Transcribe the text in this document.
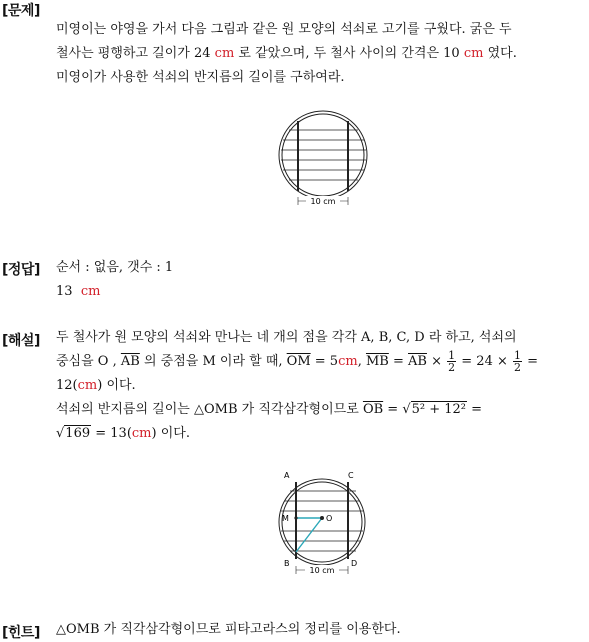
[문제]
미영이는 야영을 가서 다음 그림과 같은 원 모양의 석쇠로 고기를 구웠다. 굵은 두
철사는 평행하고 길이가 24 cm 로 같았으며, 두 철사 사이의 간격은 10 cm 였다.
미영이가 사용한 석쇠의 반지름의 길이를 구하여라.
10 cm
[정답] 순서 : 없음, 갯수 : 1
13 cm
[해설] 두 철사가 원 모양의 석쇠와 만나는 네 개의 점을 각각 A, B, C, D 라 하고, 석쇠의
중심을 O , $\overline{AB}$ 의 중점을 M 이라 할 때, $\overline{OM} = 5cm$, $\overline{MB} = \overline{AB} \times \frac{1}{2} = 24 \times \frac{1}{2}$ =
12(cm) 이다.
석쇠의 반지름의 길이는 △OMB 가 직각삼각형이므로 $\overline{OB} = √5^2 + 12^2$ =
√169 = 13(cm) 이다.
A	C
M	O
B	D
10 cm
[힌트] △OMB 가 직각삼각형이므로 피타고라스의 정리를 이용한다.
